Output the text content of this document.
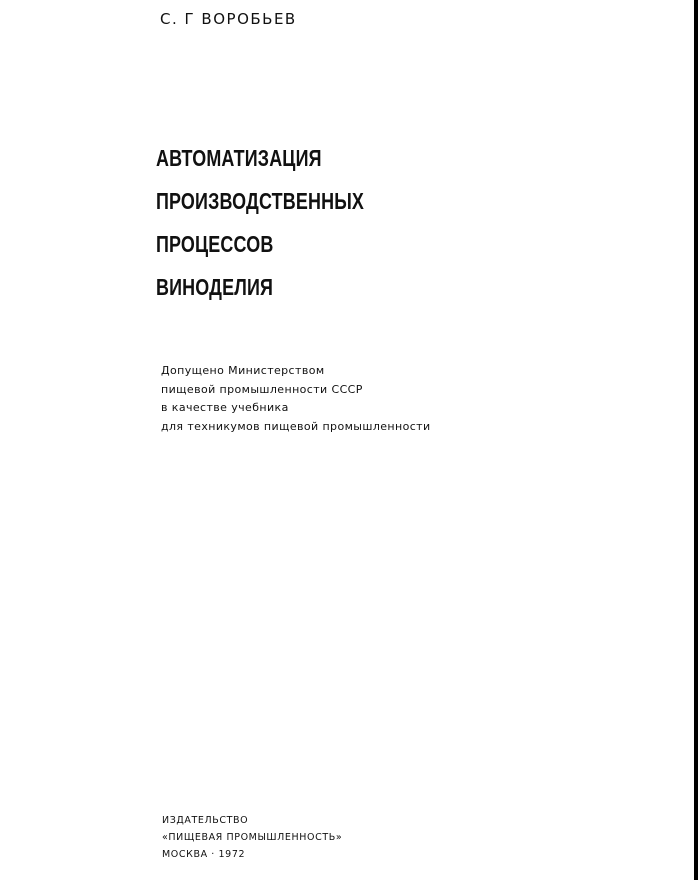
С. Г ВОРОБЬЕВ
АВТОМАТИЗАЦИЯ
ПРОИЗВОДСТВЕННЫХ
ПРОЦЕССОВ
ВИНОДЕЛИЯ
Допущено Министерством
пищевой промышленности СССР
в качестве учебника
для техникумов пищевой промышленности
ИЗДАТЕЛЬСТВО
«ПИЩЕВАЯ ПРОМЫШЛЕННОСТЬ»
МОСКВА · 1972
